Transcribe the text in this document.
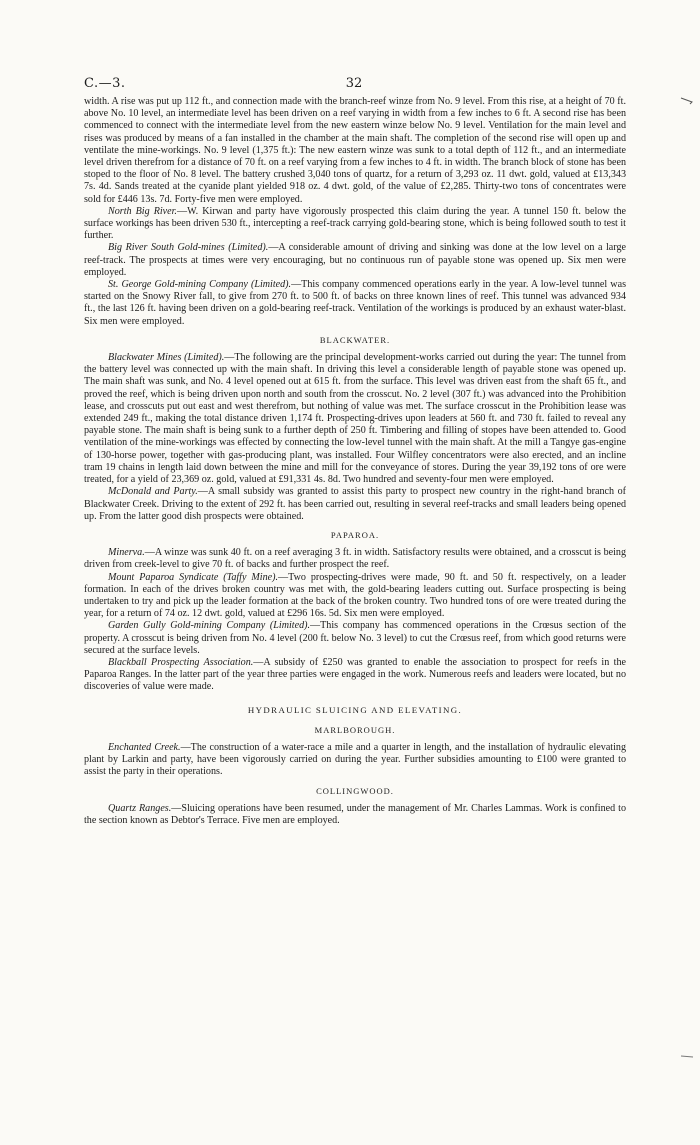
C.—3.	32

width. A rise was put up 112 ft., and connection made with the branch-reef winze from No. 9 level. From this rise, at a height of 70 ft. above No. 10 level, an intermediate level has been driven on a reef varying in width from a few inches to 6 ft. A second rise has been commenced to connect with the intermediate level from the new eastern winze below No. 9 level. Ventilation for the main level and rises was produced by means of a fan installed in the chamber at the main shaft. The completion of the second rise will open up and ventilate the mine-workings. No. 9 level (1,375 ft.): The new eastern winze was sunk to a total depth of 112 ft., and an intermediate level driven therefrom for a distance of 70 ft. on a reef varying from a few inches to 4 ft. in width. The branch block of stone has been stoped to the floor of No. 8 level. The battery crushed 3,040 tons of quartz, for a return of 3,293 oz. 11 dwt. gold, valued at £13,343 7s. 4d. Sands treated at the cyanide plant yielded 918 oz. 4 dwt. gold, of the value of £2,285. Thirty-two tons of concentrates were sold for £446 13s. 7d. Forty-five men were employed.

North Big River.—W. Kirwan and party have vigorously prospected this claim during the year. A tunnel 150 ft. below the surface workings has been driven 530 ft., intercepting a reef-track carrying gold-bearing stone, which is being followed south to test it further.

Big River South Gold-mines (Limited).—A considerable amount of driving and sinking was done at the low level on a large reef-track. The prospects at times were very encouraging, but no continuous run of payable stone was opened up. Six men were employed.

St. George Gold-mining Company (Limited).—This company commenced operations early in the year. A low-level tunnel was started on the Snowy River fall, to give from 270 ft. to 500 ft. of backs on three known lines of reef. This tunnel was advanced 934 ft., the last 126 ft. having been driven on a gold-bearing reef-track. Ventilation of the workings is produced by an exhaust water-blast. Six men were employed.

BLACKWATER.

Blackwater Mines (Limited).—The following are the principal development-works carried out during the year: The tunnel from the battery level was connected up with the main shaft. In driving this level a considerable length of payable stone was opened up. The main shaft was sunk, and No. 4 level opened out at 615 ft. from the surface. This level was driven east from the shaft 65 ft., and proved the reef, which is being driven upon north and south from the crosscut. No. 2 level (307 ft.) was advanced into the Prohibition lease, and crosscuts put out east and west therefrom, but nothing of value was met. The surface crosscut in the Prohibition lease was extended 249 ft., making the total distance driven 1,174 ft. Prospecting-drives upon leaders at 560 ft. and 730 ft. failed to reveal any payable stone. The main shaft is being sunk to a further depth of 250 ft. Timbering and filling of stopes have been attended to. Good ventilation of the mine-workings was effected by connecting the low-level tunnel with the main shaft. At the mill a Tangye gas-engine of 130-horse power, together with gas-producing plant, was installed. Four Wilfley concentrators were also erected, and an incline tram 19 chains in length laid down between the mine and mill for the conveyance of stores. During the year 39,192 tons of ore were treated, for a yield of 23,369 oz. gold, valued at £91,331 4s. 8d. Two hundred and seventy-four men were employed.

McDonald and Party.—A small subsidy was granted to assist this party to prospect new country in the right-hand branch of Blackwater Creek. Driving to the extent of 292 ft. has been carried out, resulting in several reef-tracks and small leaders being opened up. From the latter good dish prospects were obtained.

PAPAROA.

Minerva.—A winze was sunk 40 ft. on a reef averaging 3 ft. in width. Satisfactory results were obtained, and a crosscut is being driven from creek-level to give 70 ft. of backs and further prospect the reef.

Mount Paparoa Syndicate (Taffy Mine).—Two prospecting-drives were made, 90 ft. and 50 ft. respectively, on a leader formation. In each of the drives broken country was met with, the gold-bearing leaders cutting out. Surface prospecting is being undertaken to try and pick up the leader formation at the back of the broken country. Two hundred tons of ore were treated during the year, for a return of 74 oz. 12 dwt. gold, valued at £296 16s. 5d. Six men were employed.

Garden Gully Gold-mining Company (Limited).—This company has commenced operations in the Crœsus section of the property. A crosscut is being driven from No. 4 level (200 ft. below No. 3 level) to cut the Crœsus reef, from which good returns were secured at the surface levels.

Blackball Prospecting Association.—A subsidy of £250 was granted to enable the association to prospect for reefs in the Paparoa Ranges. In the latter part of the year three parties were engaged in the work. Numerous reefs and leaders were located, but no discoveries of value were made.

HYDRAULIC SLUICING AND ELEVATING.
MARLBOROUGH.

Enchanted Creek.—The construction of a water-race a mile and a quarter in length, and the installation of hydraulic elevating plant by Larkin and party, have been vigorously carried on during the year. Further subsidies amounting to £100 were granted to assist the party in their operations.

COLLINGWOOD.

Quartz Ranges.—Sluicing operations have been resumed, under the management of Mr. Charles Lammas. Work is confined to the section known as Debtor's Terrace. Five men are employed.
